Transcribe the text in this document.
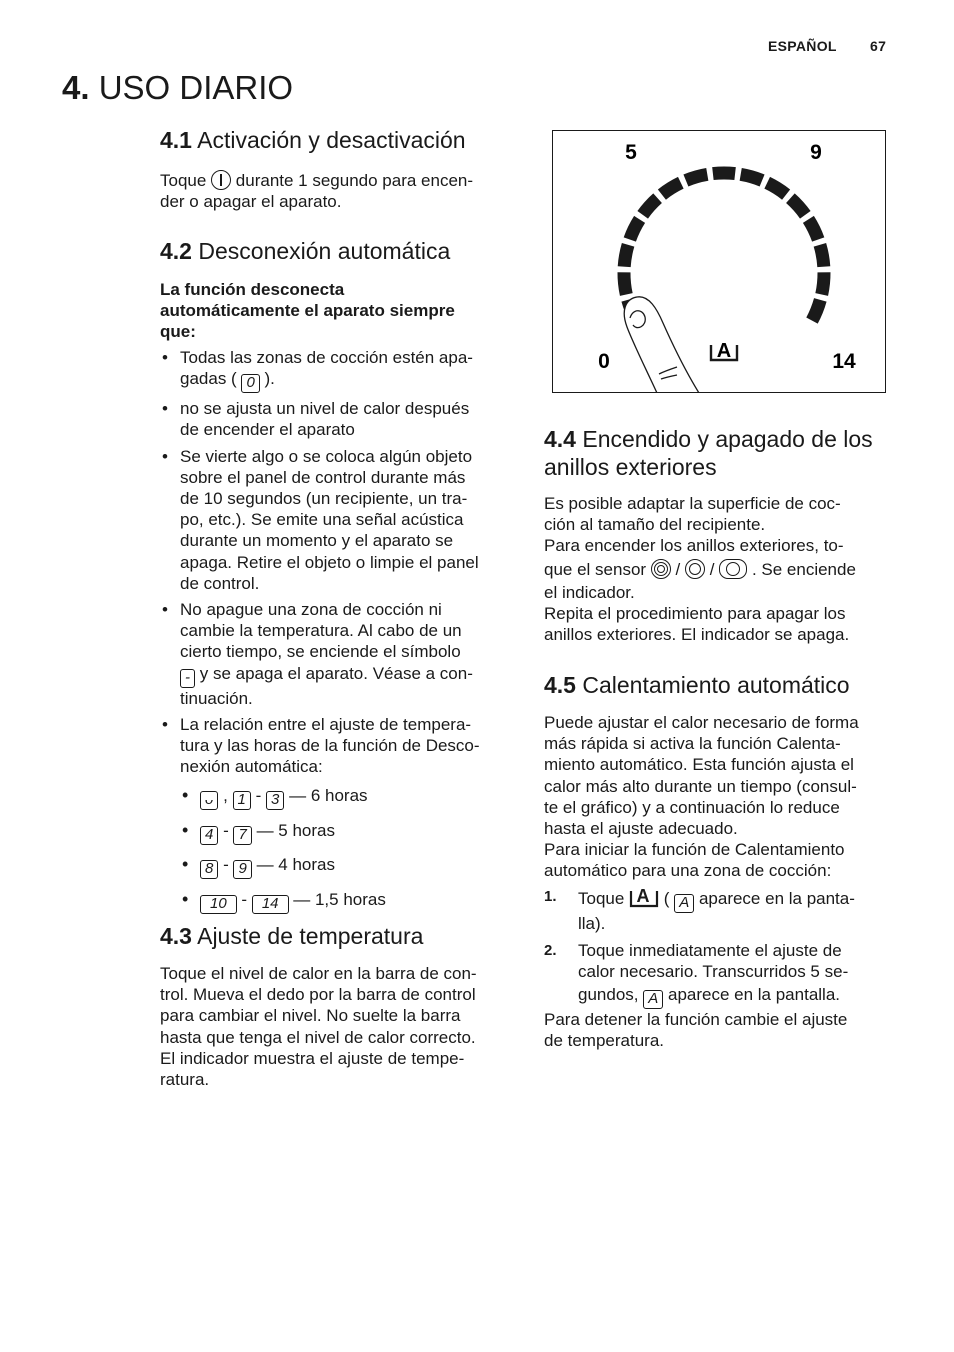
ESPAÑOL 67
4. USO DIARIO
4.1 Activación y desactivación
Toque durante 1 segundo para encen-
der o apagar el aparato.
4.2 Desconexión automática
La función desconecta
automáticamente el aparato siempre
que:
• Todas las zonas de cocción estén apa-
gadas ( 0 ).
• no se ajusta un nivel de calor después
de encender el aparato
• Se vierte algo o se coloca algún objeto
sobre el panel de control durante más
de 10 segundos (un recipiente, un tra-
po, etc.). Se emite una señal acústica
durante un momento y el aparato se
apaga. Retire el objeto o limpie el panel
de control.
• No apague una zona de cocción ni
cambie la temperatura. Al cabo de un
cierto tiempo, se enciende el símbolo
- y se apaga el aparato. Véase a con-
tinuación.
• La relación entre el ajuste de tempera-
tura y las horas de la función de Desco-
nexión automática:
• ᴗ , 1 - 3 — 6 horas
• 4 - 7 — 5 horas
• 8 - 9 — 4 horas
• 10 - 14 — 1,5 horas
4.3 Ajuste de temperatura
Toque el nivel de calor en la barra de con-
trol. Mueva el dedo por la barra de control
para cambiar el nivel. No suelte la barra
hasta que tenga el nivel de calor correcto.
El indicador muestra el ajuste de tempe-
ratura.
5	9
0	14
A
4.4 Encendido y apagado de los
anillos exteriores
Es posible adaptar la superficie de coc-
ción al tamaño del recipiente.
Para encender los anillos exteriores, to-
que el sensor / / . Se enciende
el indicador.
Repita el procedimiento para apagar los
anillos exteriores. El indicador se apaga.
4.5 Calentamiento automático
Puede ajustar el calor necesario de forma
más rápida si activa la función Calenta-
miento automático. Esta función ajusta el
calor más alto durante un tiempo (consul-
te el gráfico) y a continuación lo reduce
hasta el ajuste adecuado.
Para iniciar la función de Calentamiento
automático para una zona de cocción:
1. Toque A ( A aparece en la panta-
lla).
2. Toque inmediatamente el ajuste de
calor necesario. Transcurridos 5 se-
gundos, A aparece en la pantalla.
Para detener la función cambie el ajuste
de temperatura.
